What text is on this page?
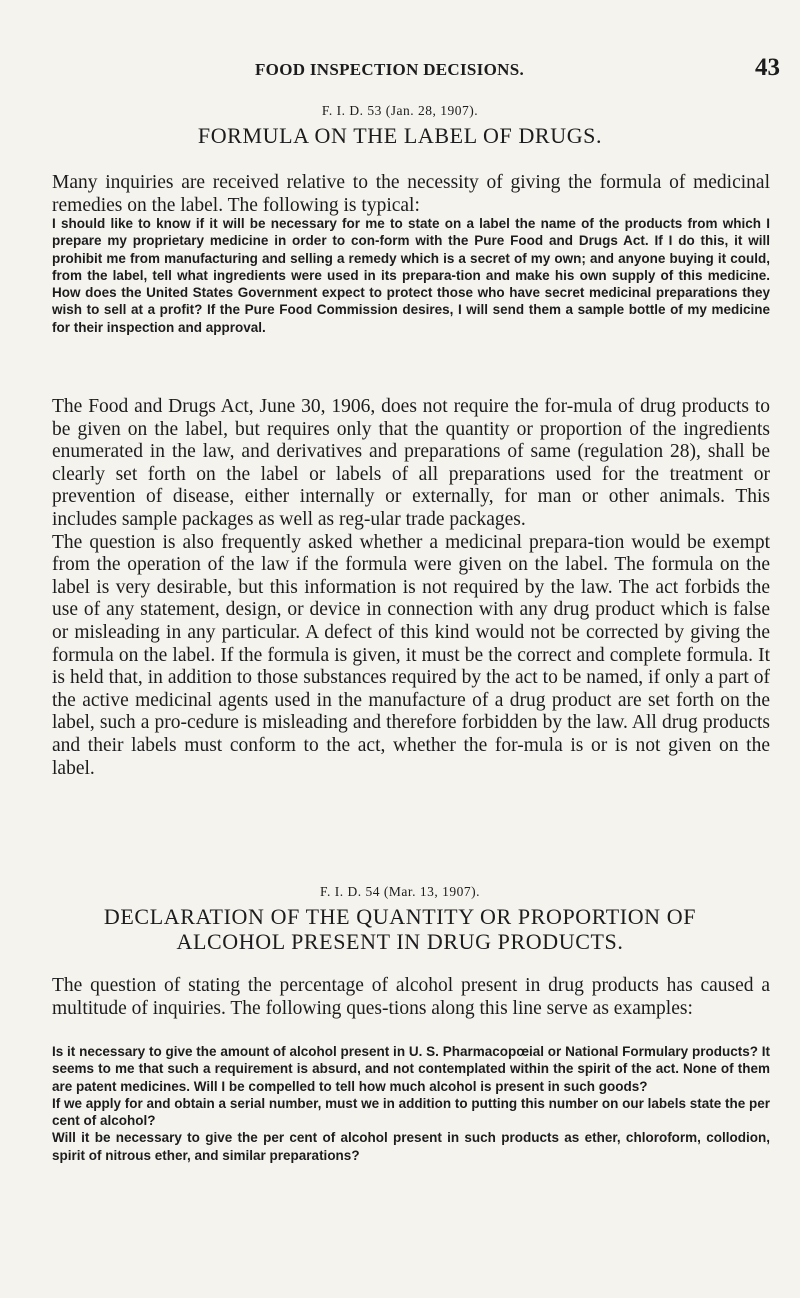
FOOD INSPECTION DECISIONS.	43
F. I. D. 53 (Jan. 28, 1907).
FORMULA ON THE LABEL OF DRUGS.

Many inquiries are received relative to the necessity of giving the formula of medicinal remedies on the label. The following is typical:

I should like to know if it will be necessary for me to state on a label the name of the products from which I prepare my proprietary medicine in order to con-form with the Pure Food and Drugs Act. If I do this, it will prohibit me from manufacturing and selling a remedy which is a secret of my own; and anyone buying it could, from the label, tell what ingredients were used in its prepara-tion and make his own supply of this medicine. How does the United States Government expect to protect those who have secret medicinal preparations they wish to sell at a profit? If the Pure Food Commission desires, I will send them a sample bottle of my medicine for their inspection and approval.

The Food and Drugs Act, June 30, 1906, does not require the for-mula of drug products to be given on the label, but requires only that the quantity or proportion of the ingredients enumerated in the law, and derivatives and preparations of same (regulation 28), shall be clearly set forth on the label or labels of all preparations used for the treatment or prevention of disease, either internally or externally, for man or other animals. This includes sample packages as well as reg-ular trade packages.

The question is also frequently asked whether a medicinal prepara-tion would be exempt from the operation of the law if the formula were given on the label. The formula on the label is very desirable, but this information is not required by the law. The act forbids the use of any statement, design, or device in connection with any drug product which is false or misleading in any particular. A defect of this kind would not be corrected by giving the formula on the label. If the formula is given, it must be the correct and complete formula. It is held that, in addition to those substances required by the act to be named, if only a part of the active medicinal agents used in the manufacture of a drug product are set forth on the label, such a pro-cedure is misleading and therefore forbidden by the law. All drug products and their labels must conform to the act, whether the for-mula is or is not given on the label.

F. I. D. 54 (Mar. 13, 1907).
DECLARATION OF THE QUANTITY OR PROPORTION OF
ALCOHOL PRESENT IN DRUG PRODUCTS.

The question of stating the percentage of alcohol present in drug products has caused a multitude of inquiries. The following ques-tions along this line serve as examples:

Is it necessary to give the amount of alcohol present in U. S. Pharmacopœial or National Formulary products? It seems to me that such a requirement is absurd, and not contemplated within the spirit of the act. None of them are patent medicines. Will I be compelled to tell how much alcohol is present in such goods?

If we apply for and obtain a serial number, must we in addition to putting this number on our labels state the per cent of alcohol?

Will it be necessary to give the per cent of alcohol present in such products as ether, chloroform, collodion, spirit of nitrous ether, and similar preparations?
